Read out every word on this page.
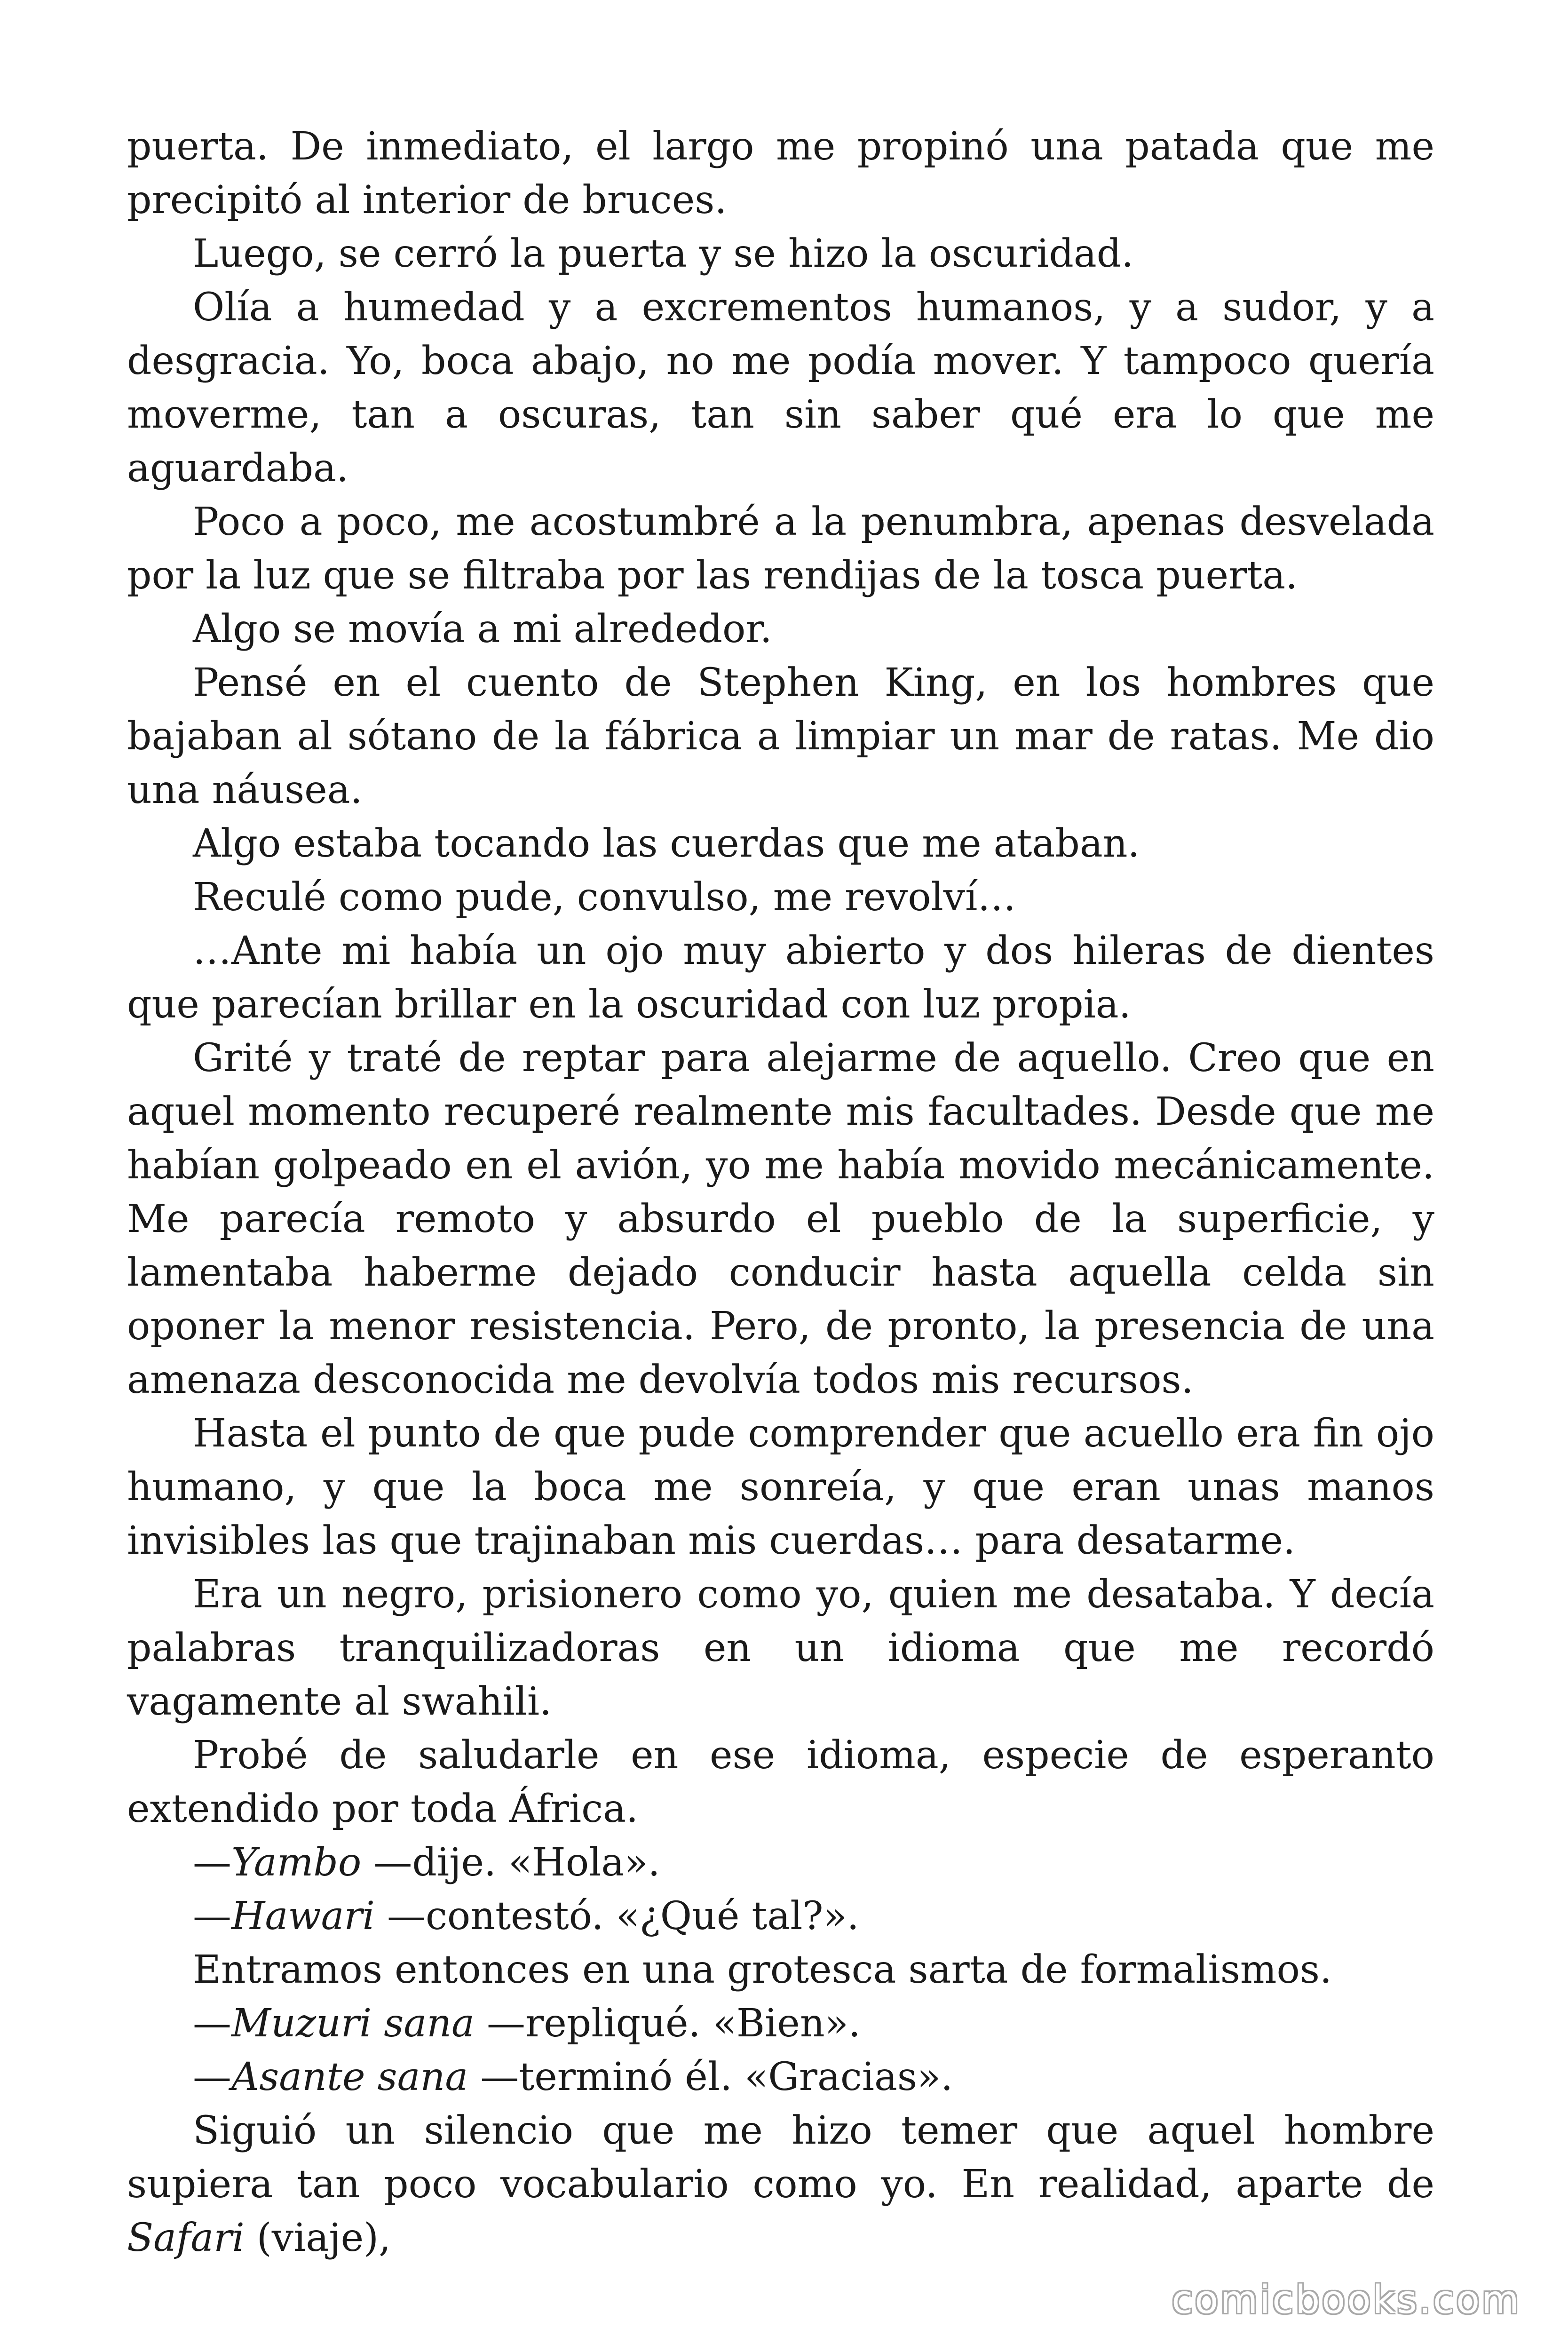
puerta. De inmediato, el largo me propinó una patada que me precipitó al interior de bruces.

Luego, se cerró la puerta y se hizo la oscuridad.

Olía a humedad y a excrementos humanos, y a sudor, y a desgracia. Yo, boca abajo, no me podía mover. Y tampoco quería moverme, tan a oscuras, tan sin saber qué era lo que me aguardaba.

Poco a poco, me acostumbré a la penumbra, apenas desvelada por la luz que se filtraba por las rendijas de la tosca puerta.

Algo se movía a mi alrededor.

Pensé en el cuento de Stephen King, en los hombres que bajaban al sótano de la fábrica a limpiar un mar de ratas. Me dio una náusea.

Algo estaba tocando las cuerdas que me ataban.

Reculé como pude, convulso, me revolví…

…Ante mi había un ojo muy abierto y dos hileras de dientes que parecían brillar en la oscuridad con luz propia.

Grité y traté de reptar para alejarme de aquello. Creo que en aquel momento recuperé realmente mis facultades. Desde que me habían golpeado en el avión, yo me había movido mecánicamente. Me parecía remoto y absurdo el pueblo de la superficie, y lamentaba haberme dejado conducir hasta aquella celda sin oponer la menor resistencia. Pero, de pronto, la presencia de una amenaza desconocida me devolvía todos mis recursos.

Hasta el punto de que pude comprender que acuello era fin ojo humano, y que la boca me sonreía, y que eran unas manos invisibles las que trajinaban mis cuerdas… para desatarme.

Era un negro, prisionero como yo, quien me desataba. Y decía palabras tranquilizadoras en un idioma que me recordó vagamente al swahili.

Probé de saludarle en ese idioma, especie de esperanto extendido por toda África.

—Yambo —dije. «Hola».

—Hawari —contestó. «¿Qué tal?».

Entramos entonces en una grotesca sarta de formalismos.

—Muzuri sana —repliqué. «Bien».

—Asante sana —terminó él. «Gracias».

Siguió un silencio que me hizo temer que aquel hombre supiera tan poco vocabulario como yo. En realidad, aparte de Safari (viaje),

comicbooks.com
